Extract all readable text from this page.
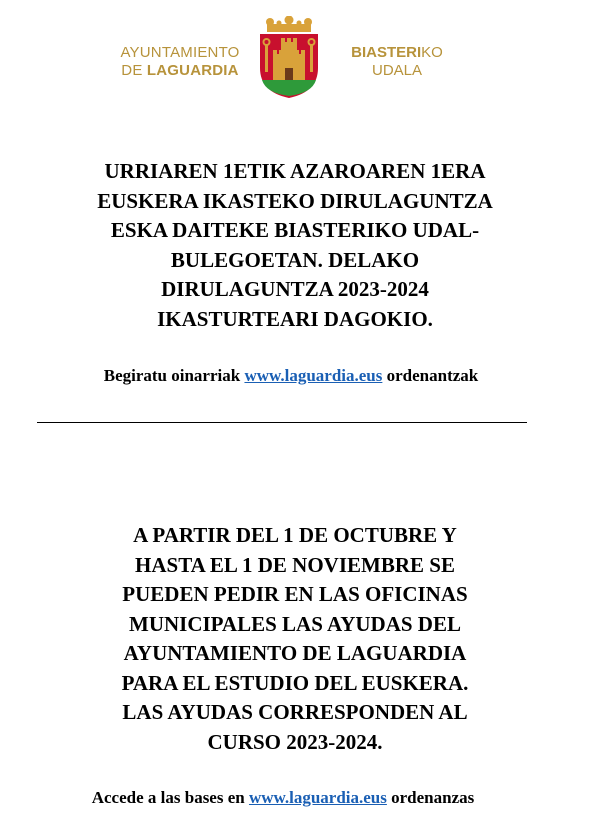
AYUNTAMIENTO
DE LAGUARDIA
BIASTERIKO
UDALA
URRIAREN 1ETIK AZAROAREN 1ERA
EUSKERA IKASTEKO DIRULAGUNTZA
ESKA DAITEKE BIASTERIKO UDAL-
BULEGOETAN. DELAKO
DIRULAGUNTZA 2023-2024
IKASTURTEARI DAGOKIO.
Begiratu oinarriak www.laguardia.eus ordenantzak
A PARTIR DEL 1 DE OCTUBRE Y
HASTA EL 1 DE NOVIEMBRE SE
PUEDEN PEDIR EN LAS OFICINAS
MUNICIPALES LAS AYUDAS DEL
AYUNTAMIENTO DE LAGUARDIA
PARA EL ESTUDIO DEL EUSKERA.
LAS AYUDAS CORRESPONDEN AL
CURSO 2023-2024.
Accede a las bases en www.laguardia.eus ordenanzas
